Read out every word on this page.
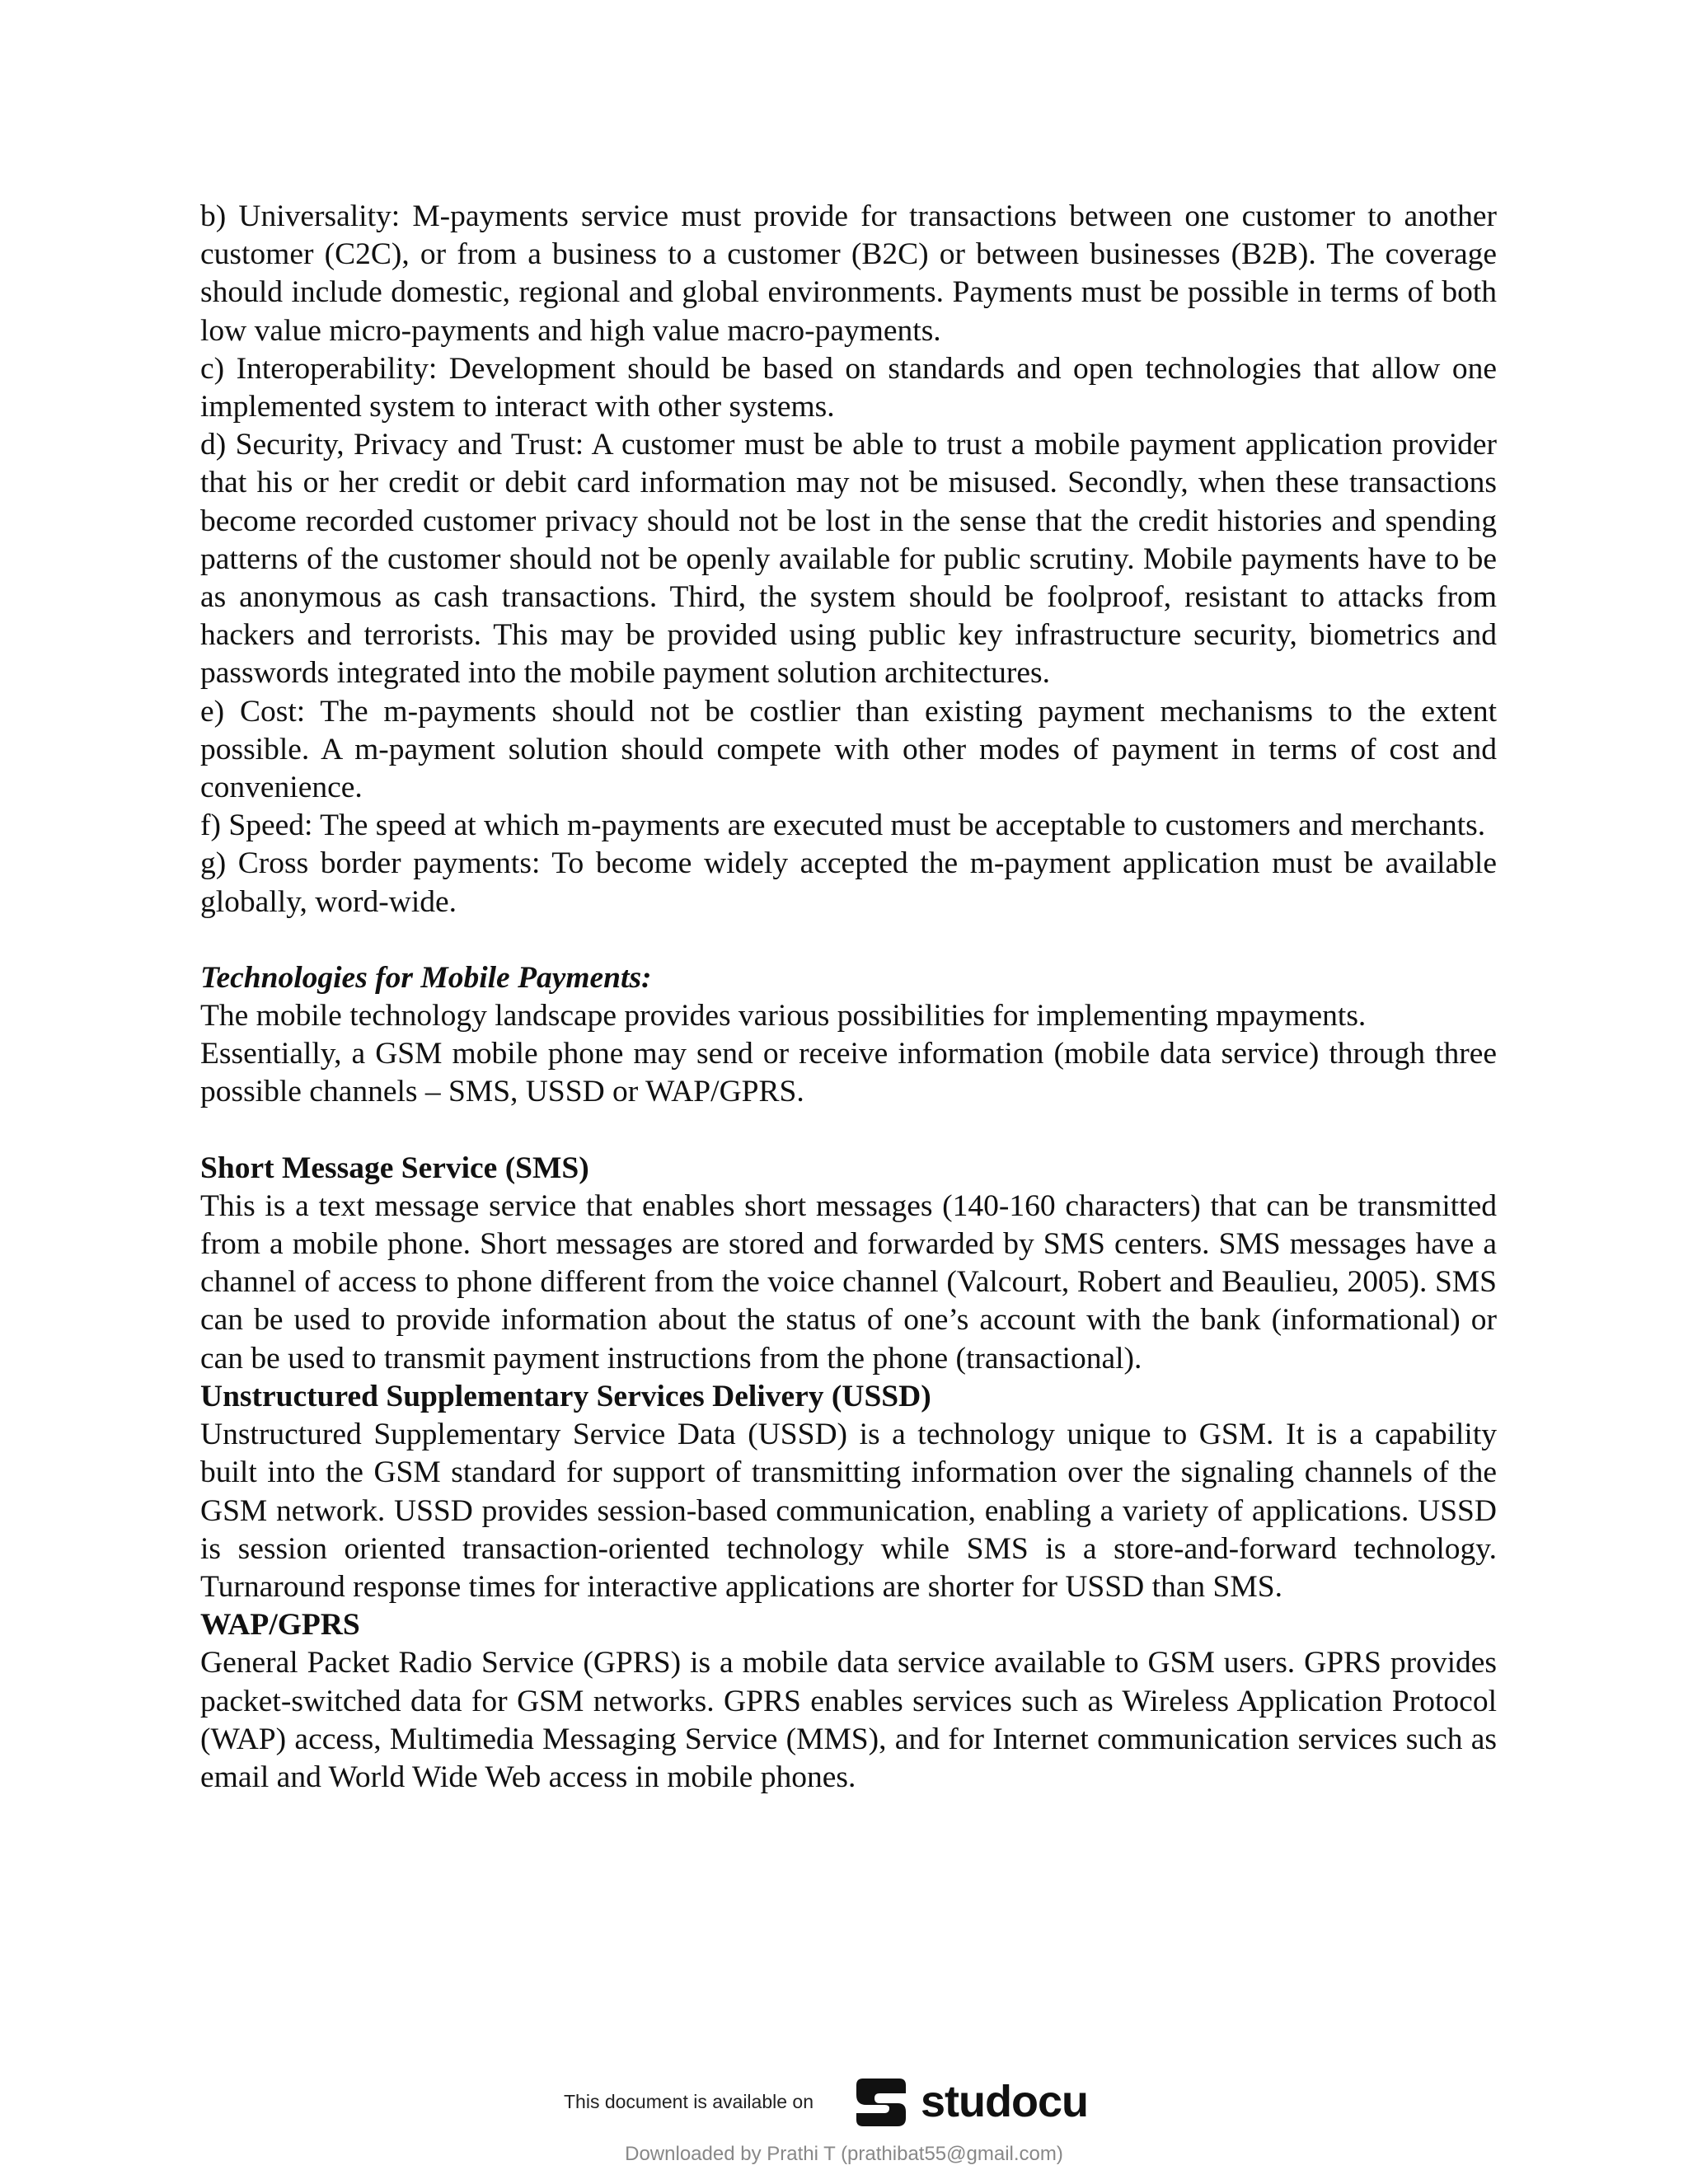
b) Universality: M-payments service must provide for transactions between one customer to another customer (C2C), or from a business to a customer (B2C) or between businesses (B2B). The coverage should include domestic, regional and global environments. Payments must be possible in terms of both low value micro-payments and high value macro-payments.

c) Interoperability: Development should be based on standards and open technologies that allow one implemented system to interact with other systems.

d) Security, Privacy and Trust: A customer must be able to trust a mobile payment application provider that his or her credit or debit card information may not be misused. Secondly, when these transactions become recorded customer privacy should not be lost in the sense that the credit histories and spending patterns of the customer should not be openly available for public scrutiny. Mobile payments have to be as anonymous as cash transactions. Third, the system should be foolproof, resistant to attacks from hackers and terrorists. This may be provided using public key infrastructure security, biometrics and passwords integrated into the mobile payment solution architectures.

e) Cost: The m-payments should not be costlier than existing payment mechanisms to the extent possible. A m-payment solution should compete with other modes of payment in terms of cost and convenience.

f) Speed: The speed at which m-payments are executed must be acceptable to customers and merchants.

g) Cross border payments: To become widely accepted the m-payment application must be available globally, word-wide.

Technologies for Mobile Payments:

The mobile technology landscape provides various possibilities for implementing mpayments.

Essentially, a GSM mobile phone may send or receive information (mobile data service) through three possible channels – SMS, USSD or WAP/GPRS.

Short Message Service (SMS)

This is a text message service that enables short messages (140-160 characters) that can be transmitted from a mobile phone. Short messages are stored and forwarded by SMS centers. SMS messages have a channel of access to phone different from the voice channel (Valcourt, Robert and Beaulieu, 2005). SMS can be used to provide information about the status of one’s account with the bank (informational) or can be used to transmit payment instructions from the phone (transactional).

Unstructured Supplementary Services Delivery (USSD)

Unstructured Supplementary Service Data (USSD) is a technology unique to GSM. It is a capability built into the GSM standard for support of transmitting information over the signaling channels of the GSM network. USSD provides session-based communication, enabling a variety of applications. USSD is session oriented transaction-oriented technology while SMS is a store-and-forward technology. Turnaround response times for interactive applications are shorter for USSD than SMS.

WAP/GPRS

General Packet Radio Service (GPRS) is a mobile data service available to GSM users. GPRS provides packet-switched data for GSM networks. GPRS enables services such as Wireless Application Protocol (WAP) access, Multimedia Messaging Service (MMS), and for Internet communication services such as email and World Wide Web access in mobile phones.

This document is available on studocu
Downloaded by Prathi T (prathibat55@gmail.com)
